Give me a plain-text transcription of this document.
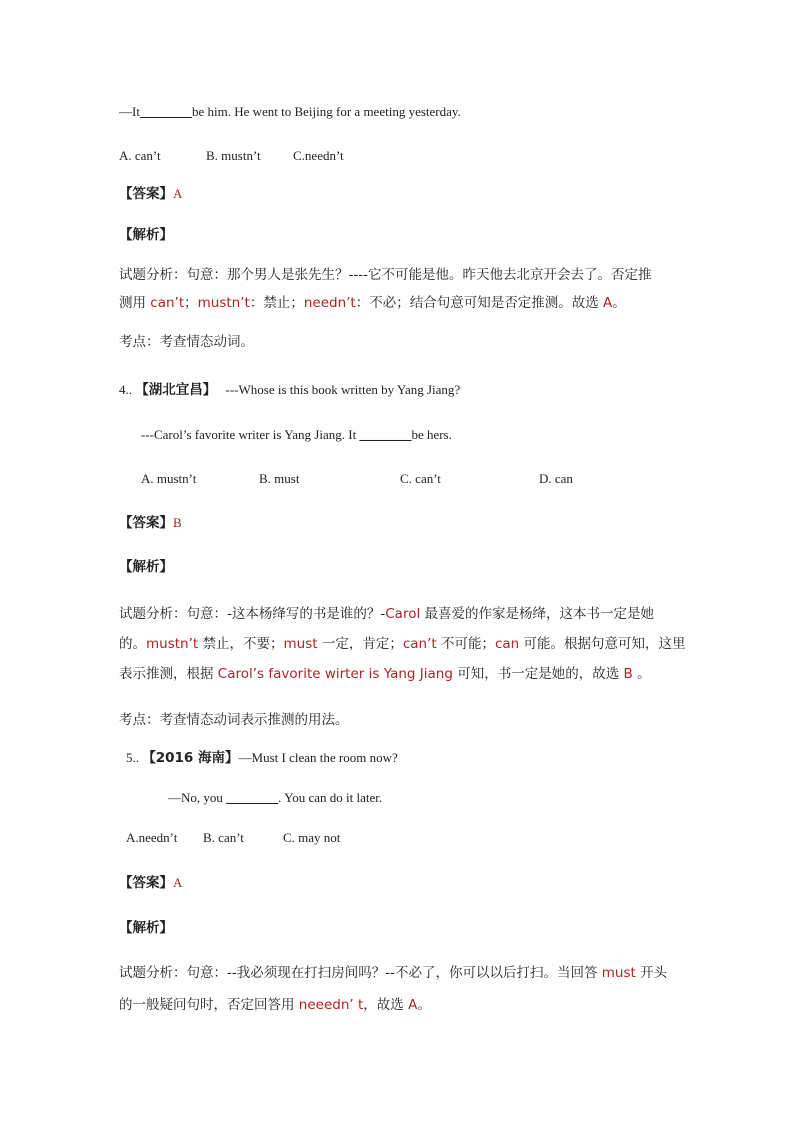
—It________be him. He went to Beijing for a meeting yesterday.
A. can’t	B. mustn’t C.needn’t
【答案】A
【解析】
试题分析：句意：那个男人是张先生？----它不可能是他。昨天他去北京开会去了。否定推
测用 can’t；mustn’t：禁止；needn’t：不必；结合句意可知是否定推测。故选 A。
考点：考查情态动词。
4.. 【湖北宜昌】 ---Whose is this book written by Yang Jiang?
---Carol’s favorite writer is Yang Jiang. It ________be hers.
A. mustn’t	B. must	C. can’t	D. can
【答案】B
【解析】
试题分析：句意：-这本杨绛写的书是谁的？-Carol 最喜爱的作家是杨绛，这本书一定是她
的。mustn’t 禁止，不要；must 一定，肯定；can’t 不可能；can 可能。根据句意可知，这里
表示推测，根据 Carol’s favorite wirter is Yang Jiang 可知，书一定是她的，故选 B 。
考点：考查情态动词表示推测的用法。
5.. 【2016 海南】—Must I clean the room now?
—No, you ________. You can do it later.
A.needn’t B. can’t	C. may not
【答案】A
【解析】
试题分析：句意：--我必须现在打扫房间吗？--不必了，你可以以后打扫。当回答 must 开头
的一般疑问句时，否定回答用 neeedn’ t，故选 A。
